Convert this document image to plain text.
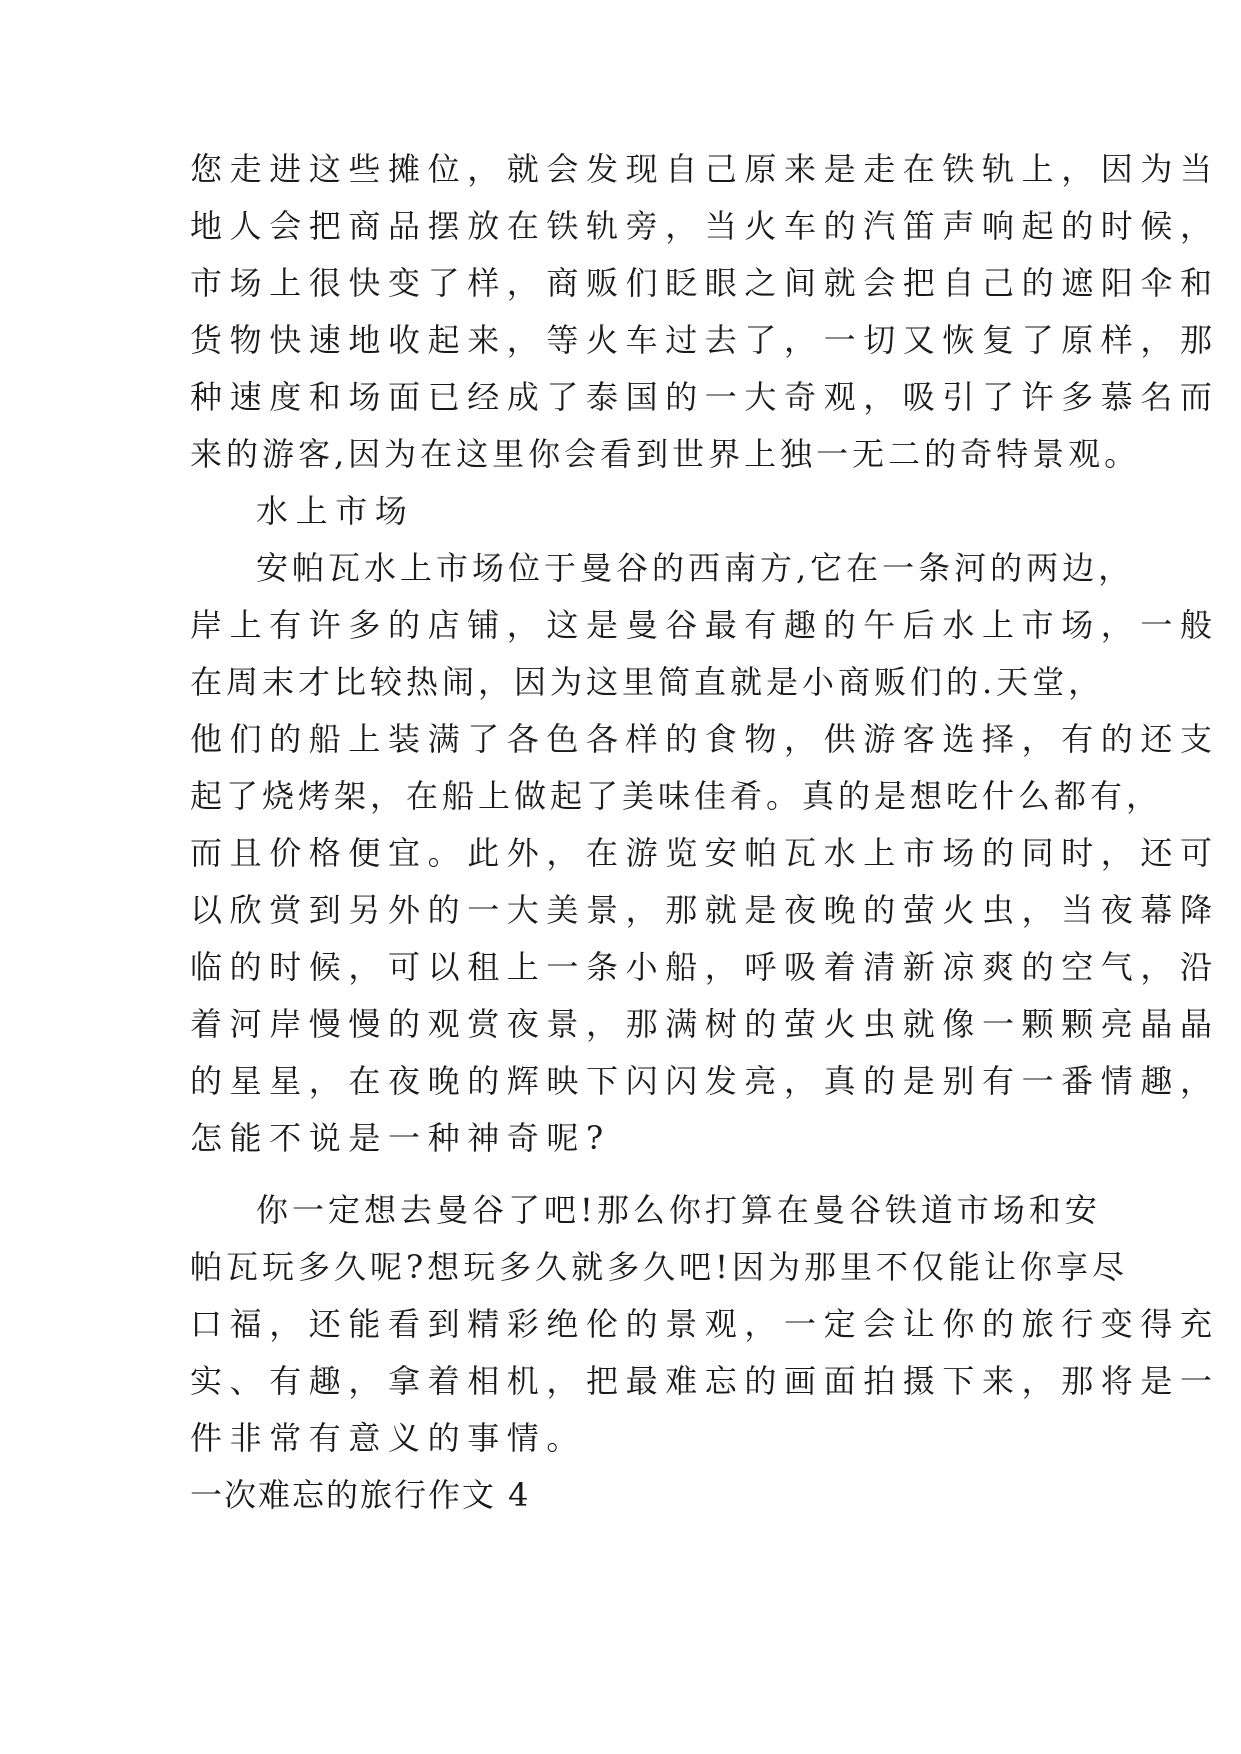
您走进这些摊位，就会发现自己原来是走在铁轨上，因为当
地人会把商品摆放在铁轨旁，当火车的汽笛声响起的时候，
市场上很快变了样，商贩们眨眼之间就会把自己的遮阳伞和
货物快速地收起来，等火车过去了，一切又恢复了原样，那
种速度和场面已经成了泰国的一大奇观，吸引了许多慕名而
来的游客,因为在这里你会看到世界上独一无二的奇特景观。
水上市场
安帕瓦水上市场位于曼谷的西南方,它在一条河的两边，
岸上有许多的店铺，这是曼谷最有趣的午后水上市场，一般
在周末才比较热闹，因为这里简直就是小商贩们的.天堂，
他们的船上装满了各色各样的食物，供游客选择，有的还支
起了烧烤架，在船上做起了美味佳肴。真的是想吃什么都有，
而且价格便宜。此外，在游览安帕瓦水上市场的同时，还可
以欣赏到另外的一大美景，那就是夜晚的萤火虫，当夜幕降
临的时候，可以租上一条小船，呼吸着清新凉爽的空气，沿
着河岸慢慢的观赏夜景，那满树的萤火虫就像一颗颗亮晶晶
的星星，在夜晚的辉映下闪闪发亮，真的是别有一番情趣，
怎能不说是一种神奇呢?
你一定想去曼谷了吧!那么你打算在曼谷铁道市场和安
帕瓦玩多久呢?想玩多久就多久吧!因为那里不仅能让你享尽
口福，还能看到精彩绝伦的景观，一定会让你的旅行变得充
实、有趣，拿着相机，把最难忘的画面拍摄下来，那将是一
件非常有意义的事情。
一次难忘的旅行作文 4
